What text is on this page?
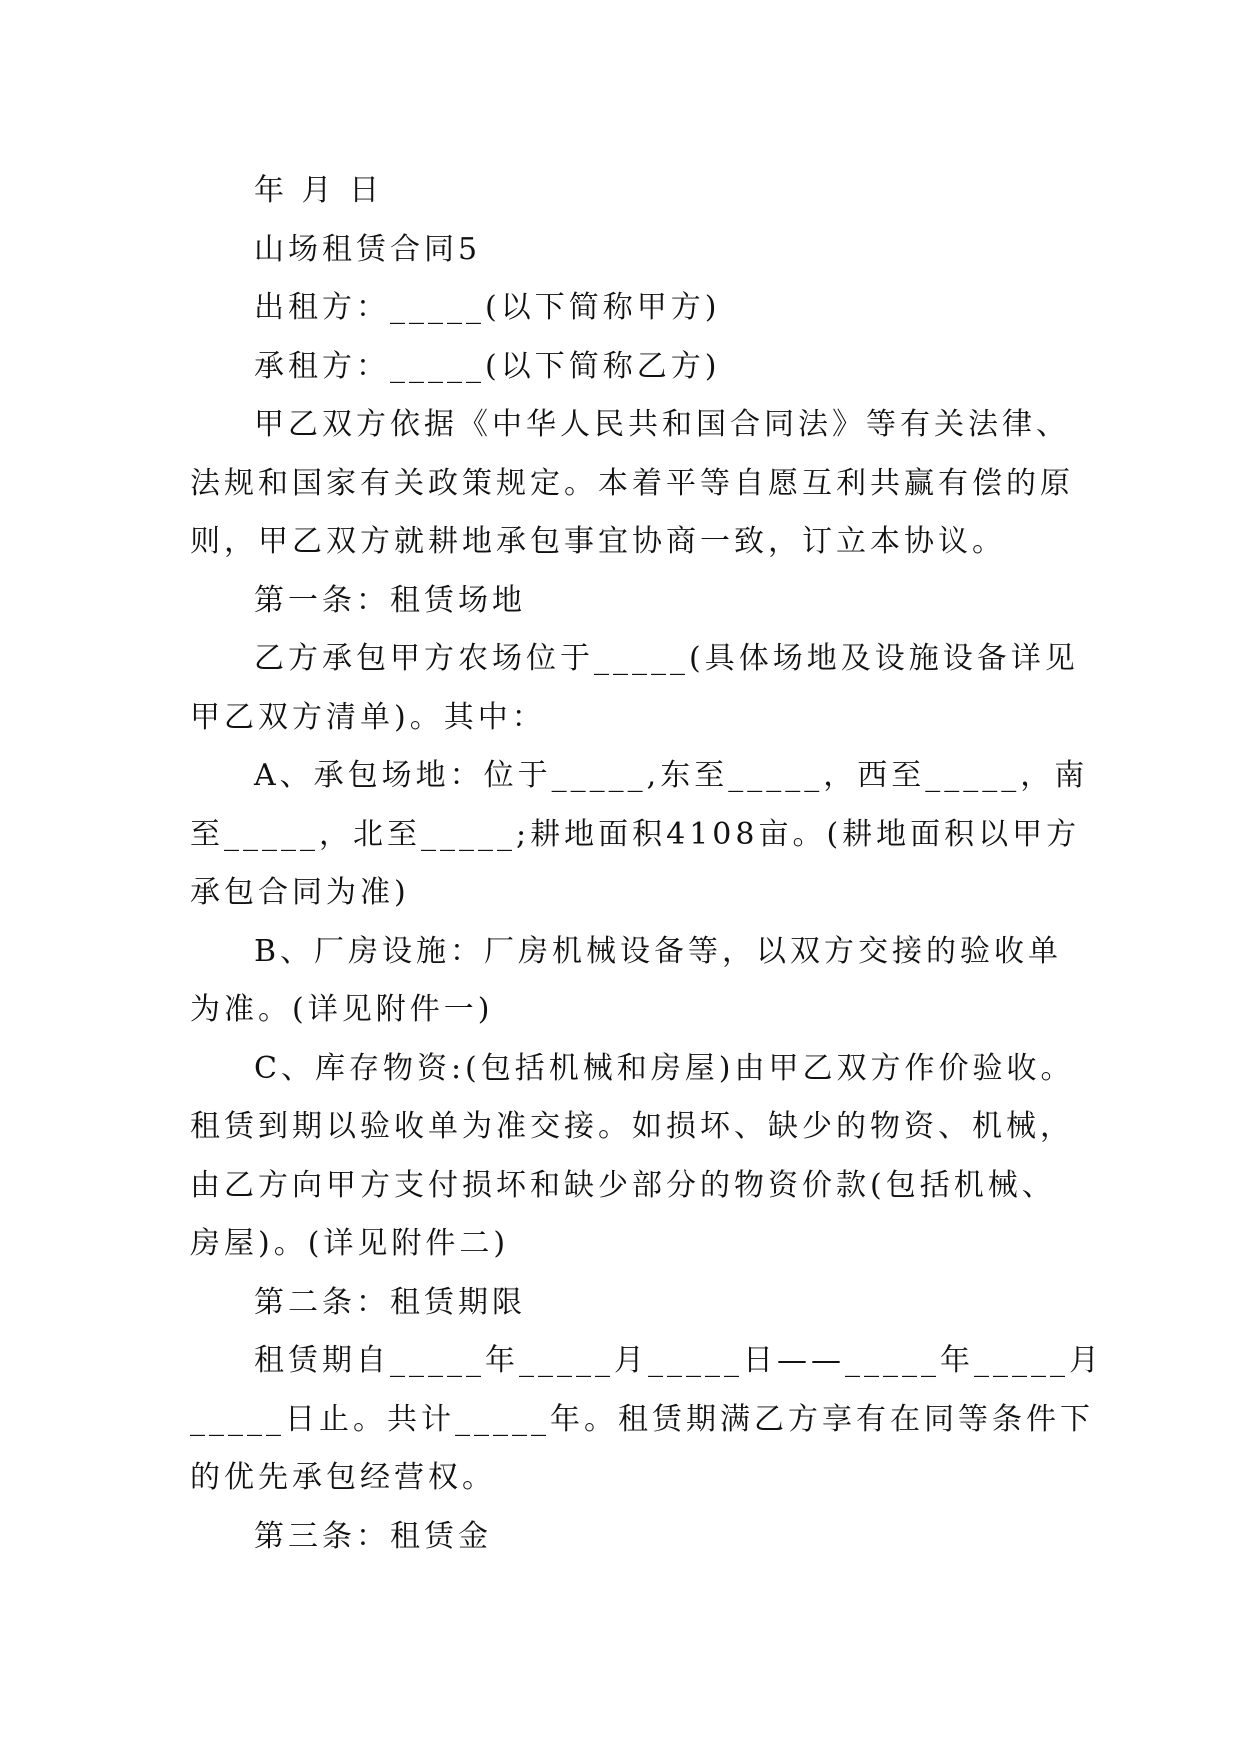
年 月 日
山场租赁合同5
出租方：_____(以下简称甲方)
承租方：_____(以下简称乙方)
甲乙双方依据《中华人民共和国合同法》等有关法律、
法规和国家有关政策规定。本着平等自愿互利共赢有偿的原
则，甲乙双方就耕地承包事宜协商一致，订立本协议。
第一条：租赁场地
乙方承包甲方农场位于_____(具体场地及设施设备详见
甲乙双方清单)。其中：
A、承包场地：位于_____,东至_____，西至_____，南
至_____，北至_____;耕地面积4108亩。(耕地面积以甲方
承包合同为准)
B、厂房设施：厂房机械设备等，以双方交接的验收单
为准。(详见附件一)
C、库存物资:(包括机械和房屋)由甲乙双方作价验收。
租赁到期以验收单为准交接。如损坏、缺少的物资、机械，
由乙方向甲方支付损坏和缺少部分的物资价款(包括机械、
房屋)。(详见附件二)
第二条：租赁期限
租赁期自_____年_____月_____日——_____年_____月
_____日止。共计_____年。租赁期满乙方享有在同等条件下
的优先承包经营权。
第三条：租赁金
